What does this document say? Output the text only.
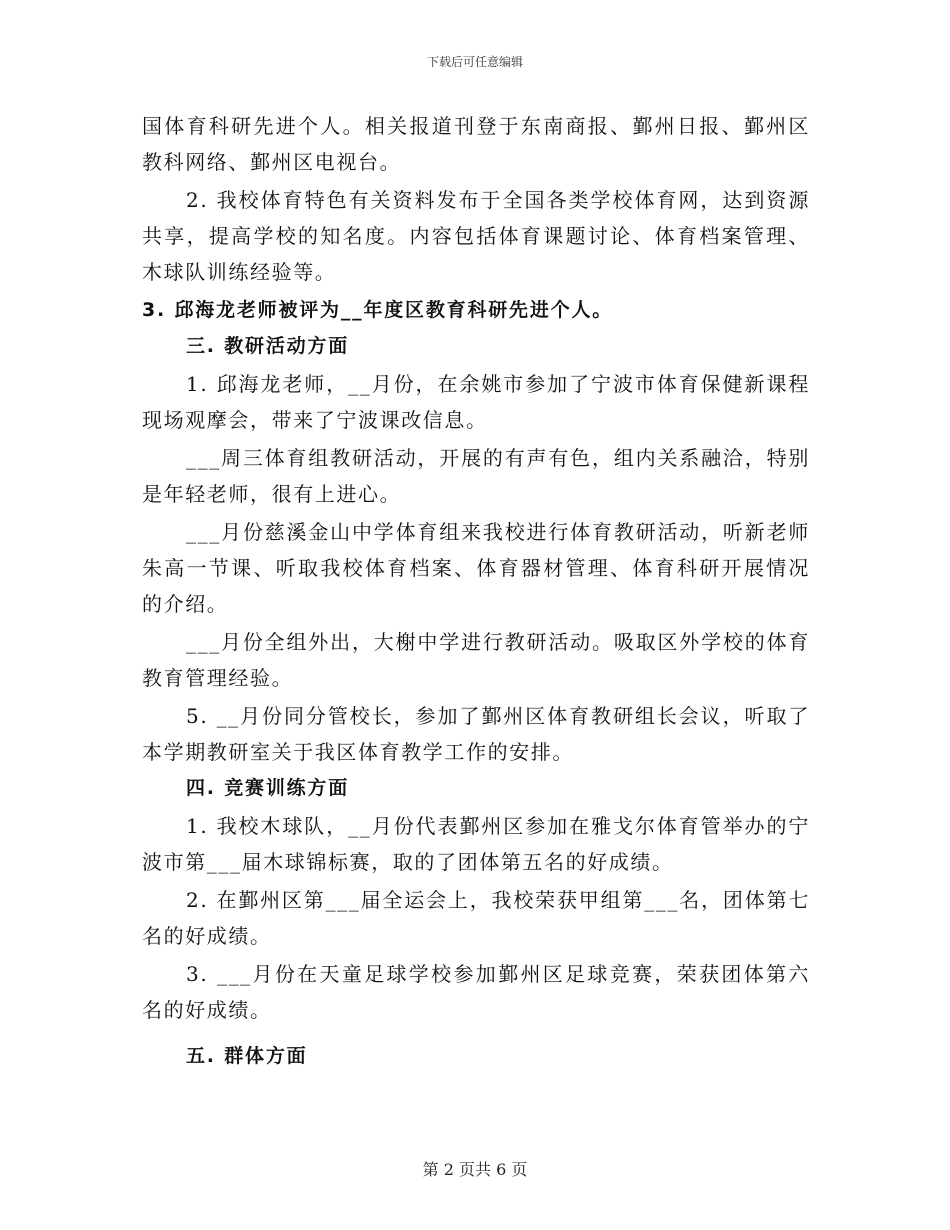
下载后可任意编辑

国体育科研先进个人。相关报道刊登于东南商报、鄞州日报、鄞州区教科网络、鄞州区电视台。

2. 我校体育特色有关资料发布于全国各类学校体育网，达到资源共享，提高学校的知名度。内容包括体育课题讨论、体育档案管理、木球队训练经验等。

3. 邱海龙老师被评为__年度区教育科研先进个人。

三. 教研活动方面

1. 邱海龙老师，__月份，在余姚市参加了宁波市体育保健新课程现场观摩会，带来了宁波课改信息。

___周三体育组教研活动，开展的有声有色，组内关系融洽，特别是年轻老师，很有上进心。

___月份慈溪金山中学体育组来我校进行体育教研活动，听新老师朱高一节课、听取我校体育档案、体育器材管理、体育科研开展情况的介绍。

___月份全组外出，大榭中学进行教研活动。吸取区外学校的体育教育管理经验。

5. __月份同分管校长，参加了鄞州区体育教研组长会议，听取了本学期教研室关于我区体育教学工作的安排。

四. 竞赛训练方面

1. 我校木球队，__月份代表鄞州区参加在雅戈尔体育管举办的宁波市第___届木球锦标赛，取的了团体第五名的好成绩。

2. 在鄞州区第___届全运会上，我校荣获甲组第___名，团体第七名的好成绩。

3. ___月份在天童足球学校参加鄞州区足球竞赛，荣获团体第六名的好成绩。

五. 群体方面

第 2 页共 6 页
